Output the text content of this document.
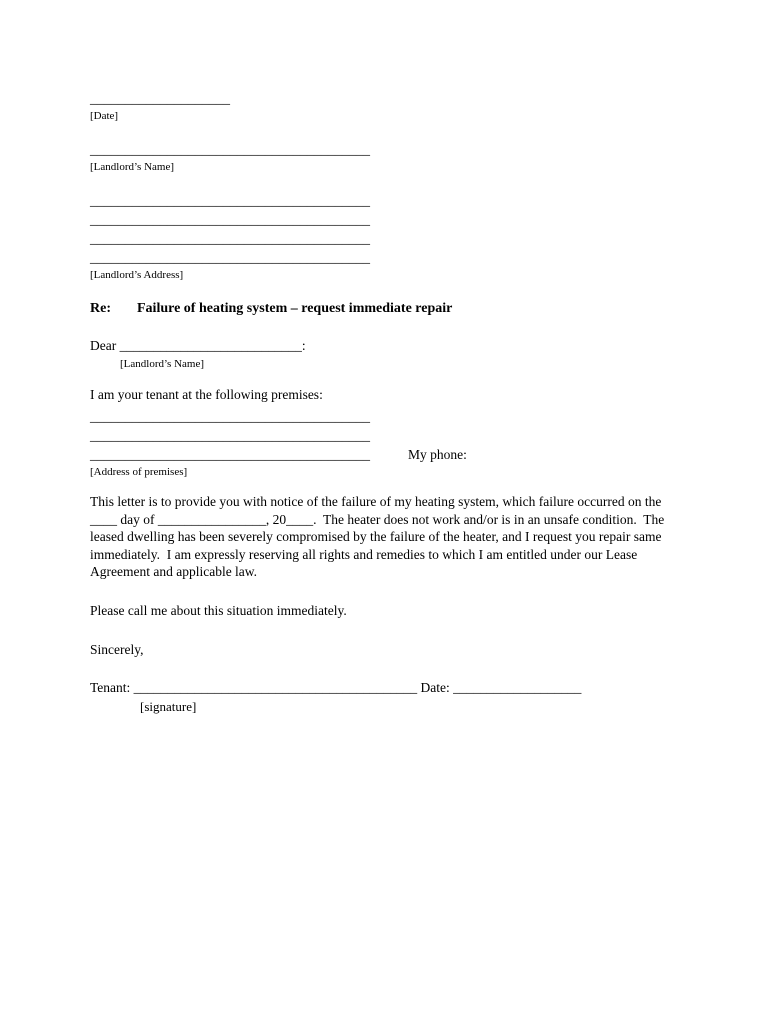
____________________
[Date]
________________________________________
[Landlord’s Name]
________________________________________
________________________________________
________________________________________
________________________________________
[Landlord’s Address]
Re:	Failure of heating system – request immediate repair
Dear ___________________________:
[Landlord’s Name]
I am your tenant at the following premises:
________________________________________
________________________________________
________________________________________	My phone:
[Address of premises]
This letter is to provide you with notice of the failure of my heating system, which failure occurred on the ____ day of ________________, 20____.  The heater does not work and/or is in an unsafe condition.  The leased dwelling has been severely compromised by the failure of the heater, and I request you repair same immediately.  I am expressly reserving all rights and remedies to which I am entitled under our Lease Agreement and applicable law.
Please call me about this situation immediately.
Sincerely,
Tenant: __________________________________________ Date: ___________________
[signature]
